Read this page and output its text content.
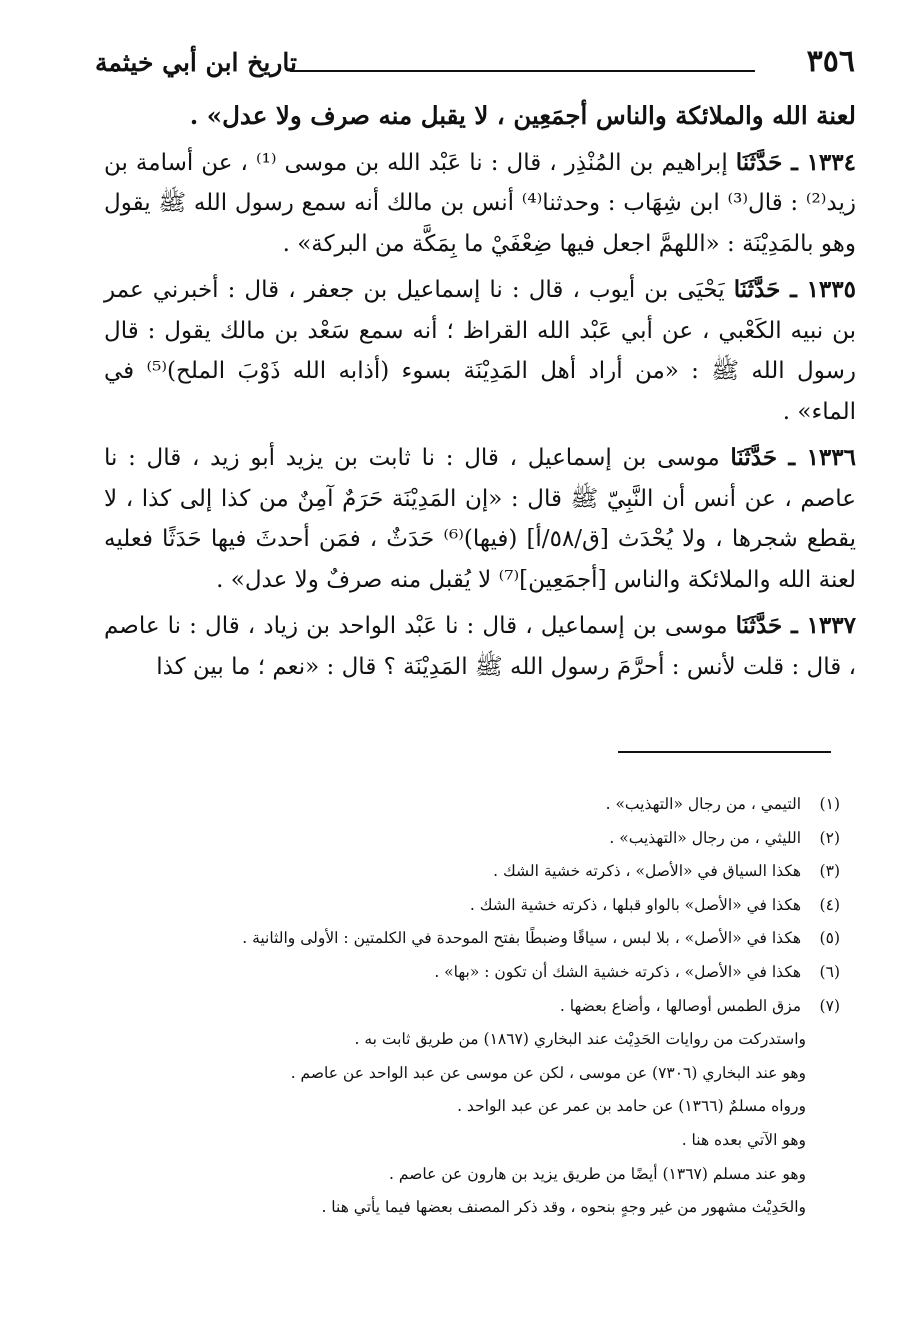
٣٥٦
تاريخ ابن أبي خيثمة

لعنة الله والملائكة والناس أجمَعِين ، لا يقبل منه صرف ولا عدل» .

١٣٣٤ ـ حَدَّثَنَا إبراهيم بن المُنْذِر ، قال : نا عَبْد الله بن موسى ⁽¹⁾ ، عن أسامة بن زيد⁽²⁾ : قال⁽³⁾ ابن شِهَاب : وحدثنا⁽⁴⁾ أنس بن مالك أنه سمع رسول الله ﷺ يقول وهو بالمَدِيْنَة : «اللهمَّ اجعل فيها ضِعْفَيْ ما بِمَكَّة من البركة» .

١٣٣٥ ـ حَدَّثَنَا يَحْيَى بن أيوب ، قال : نا إسماعيل بن جعفر ، قال : أخبرني عمر بن نبيه الكَعْبي ، عن أبي عَبْد الله القراظ ؛ أنه سمع سَعْد بن مالك يقول : قال رسول الله ﷺ : «من أراد أهل المَدِيْنَة بسوء (أذابه الله ذَوْبَ الملح)⁽⁵⁾ في الماء» .

١٣٣٦ ـ حَدَّثَنَا موسى بن إسماعيل ، قال : نا ثابت بن يزيد أبو زيد ، قال : نا عاصم ، عن أنس أن النَّبِيّ ﷺ قال : «إن المَدِيْنَة حَرَمٌ آمِنٌ من كذا إلى كذا ، لا يقطع شجرها ، ولا يُحْدَث [ق/٥٨/أ] (فيها)⁽⁶⁾ حَدَثٌ ، فمَن أحدثَ فيها حَدَثًا فعليه لعنة الله والملائكة والناس [أجمَعِين]⁽⁷⁾ لا يُقبل منه صرفٌ ولا عدل» .

١٣٣٧ ـ حَدَّثَنَا موسى بن إسماعيل ، قال : نا عَبْد الواحد بن زياد ، قال : نا عاصم ، قال : قلت لأنس : أحرَّمَ رسول الله ﷺ المَدِيْنَة ؟ قال : «نعم ؛ ما بين كذا

(١) التيمي ، من رجال «التهذيب» .
(٢) الليثي ، من رجال «التهذيب» .
(٣) هكذا السياق في «الأصل» ، ذكرته خشية الشك .
(٤) هكذا في «الأصل» بالواو قبلها ، ذكرته خشية الشك .
(٥) هكذا في «الأصل» ، بلا لبس ، سياقًا وضبطًا بفتح الموحدة في الكلمتين : الأولى والثانية .
(٦) هكذا في «الأصل» ، ذكرته خشية الشك أن تكون : «بها» .
(٧) مزق الطمس أوصالها ، وأضاع بعضها .
واستدركت من روايات الحَدِيْث عند البخاري (١٨٦٧) من طريق ثابت به .
وهو عند البخاري (٧٣٠٦) عن موسى ، لكن عن موسى عن عبد الواحد عن عاصم .
ورواه مسلمٌ (١٣٦٦) عن حامد بن عمر عن عبد الواحد .
وهو الآتي بعده هنا .
وهو عند مسلم (١٣٦٧) أيضًا من طريق يزيد بن هارون عن عاصم .
والحَدِيْث مشهور من غير وجهٍ بنحوه ، وقد ذكر المصنف بعضها فيما يأتي هنا .
